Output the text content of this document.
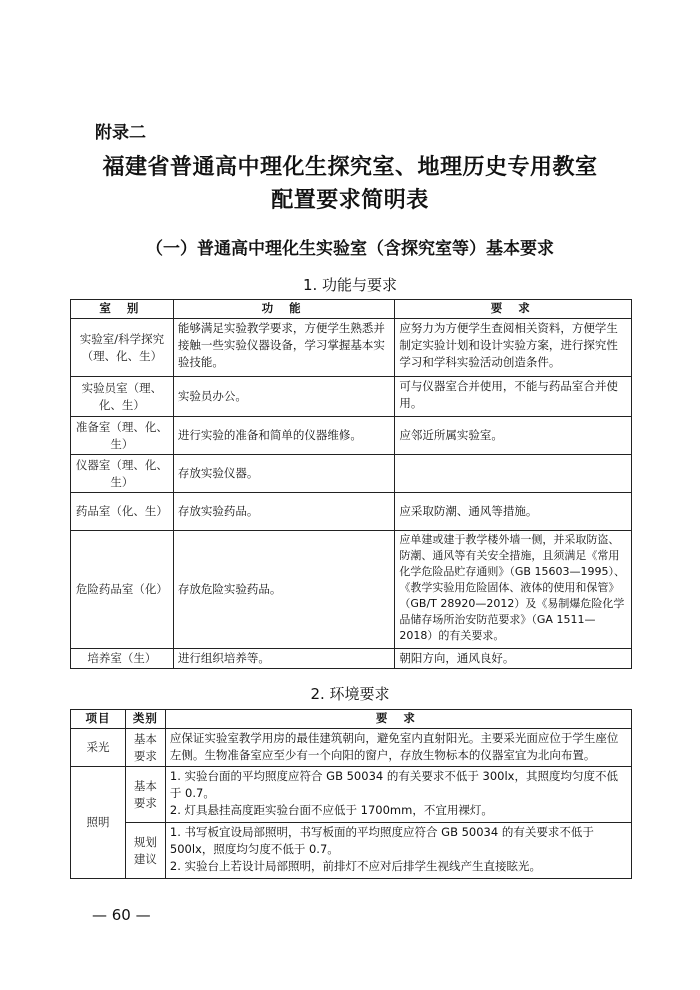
附录二
福建省普通高中理化生探究室、地理历史专用教室
配置要求简明表
（一）普通高中理化生实验室（含探究室等）基本要求
1. 功能与要求
室 别	功 能	要 求
实验室/科学探究（理、化、生）	能够满足实验教学要求，方便学生熟悉并接触一些实验仪器设备，学习掌握基本实验技能。	应努力为方便学生查阅相关资料，方便学生制定实验计划和设计实验方案，进行探究性学习和学科实验活动创造条件。
实验员室（理、化、生）	实验员办公。	可与仪器室合并使用，不能与药品室合并使用。
准备室（理、化、生）	进行实验的准备和简单的仪器维修。	应邻近所属实验室。
仪器室（理、化、生）	存放实验仪器。	
药品室（化、生）	存放实验药品。	应采取防潮、通风等措施。
危险药品室（化）	存放危险实验药品。	应单建或建于教学楼外墙一侧，并采取防盗、防潮、通风等有关安全措施，且须满足《常用化学危险品贮存通则》（GB 15603—1995）、《教学实验用危险固体、液体的使用和保管》（GB/T 28920—2012）及《易制爆危险化学品储存场所治安防范要求》（GA 1511—2018）的有关要求。
培养室（生）	进行组织培养等。	朝阳方向，通风良好。
2. 环境要求
项目	类别	要 求
采光	基本要求	应保证实验室教学用房的最佳建筑朝向，避免室内直射阳光。主要采光面应位于学生座位左侧。生物准备室应至少有一个向阳的窗户，存放生物标本的仪器室宜为北向布置。
照明	基本要求	1. 实验台面的平均照度应符合 GB 50034 的有关要求不低于 300lx，其照度均匀度不低于 0.7。
2. 灯具悬挂高度距实验台面不应低于 1700mm，不宜用裸灯。

	规划建议	1. 书写板宜设局部照明，书写板面的平均照度应符合 GB 50034 的有关要求不低于 500lx，照度均匀度不低于 0.7。
2. 实验台上若设计局部照明，前排灯不应对后排学生视线产生直接眩光。
— 60 —
